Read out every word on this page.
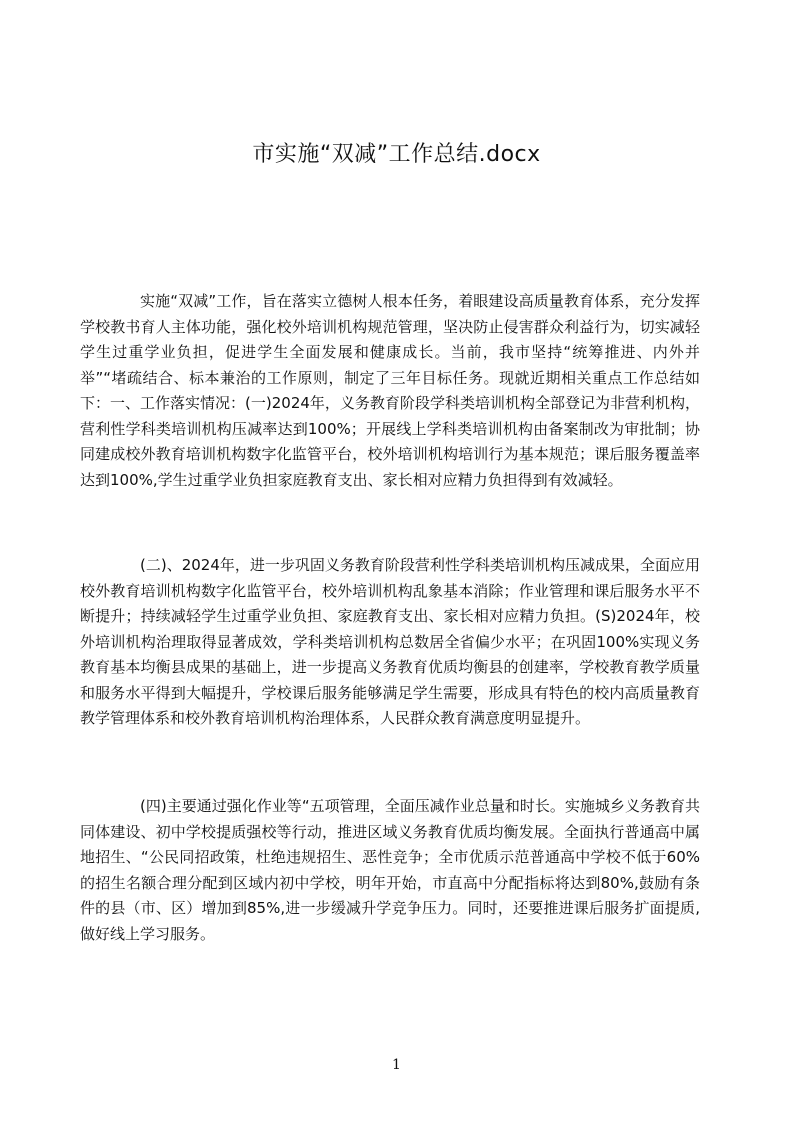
市实施“双减”工作总结.docx
实施“双减”工作，旨在落实立德树人根本任务，着眼建设高质量教育体系，充分发挥学校教书育人主体功能，强化校外培训机构规范管理，坚决防止侵害群众利益行为，切实减轻学生过重学业负担，促进学生全面发展和健康成长。当前，我市坚持“统筹推进、内外并举”“堵疏结合、标本兼治的工作原则，制定了三年目标任务。现就近期相关重点工作总结如下：一、工作落实情况：(一)2024年，义务教育阶段学科类培训机构全部登记为非营利机构，营利性学科类培训机构压减率达到100%；开展线上学科类培训机构由备案制改为审批制；协同建成校外教育培训机构数字化监管平台，校外培训机构培训行为基本规范；课后服务覆盖率达到100%,学生过重学业负担家庭教育支出、家长相对应精力负担得到有效减轻。
(二)、2024年，进一步巩固义务教育阶段营利性学科类培训机构压减成果，全面应用校外教育培训机构数字化监管平台，校外培训机构乱象基本消除；作业管理和课后服务水平不断提升；持续减轻学生过重学业负担、家庭教育支出、家长相对应精力负担。(S)2024年，校外培训机构治理取得显著成效，学科类培训机构总数居全省偏少水平；在巩固100%实现义务教育基本均衡县成果的基础上，进一步提高义务教育优质均衡县的创建率，学校教育教学质量和服务水平得到大幅提升，学校课后服务能够满足学生需要，形成具有特色的校内高质量教育教学管理体系和校外教育培训机构治理体系，人民群众教育满意度明显提升。
(四)主要通过强化作业等“五项管理，全面压减作业总量和时长。实施城乡义务教育共同体建设、初中学校提质强校等行动，推进区域义务教育优质均衡发展。全面执行普通高中属地招生、“公民同招政策，杜绝违规招生、恶性竞争；全市优质示范普通高中学校不低于60%的招生名额合理分配到区域内初中学校，明年开始，市直高中分配指标将达到80%,鼓励有条件的县（市、区）增加到85%,进一步缓减升学竞争压力。同时，还要推进课后服务扩面提质,做好线上学习服务。
1
